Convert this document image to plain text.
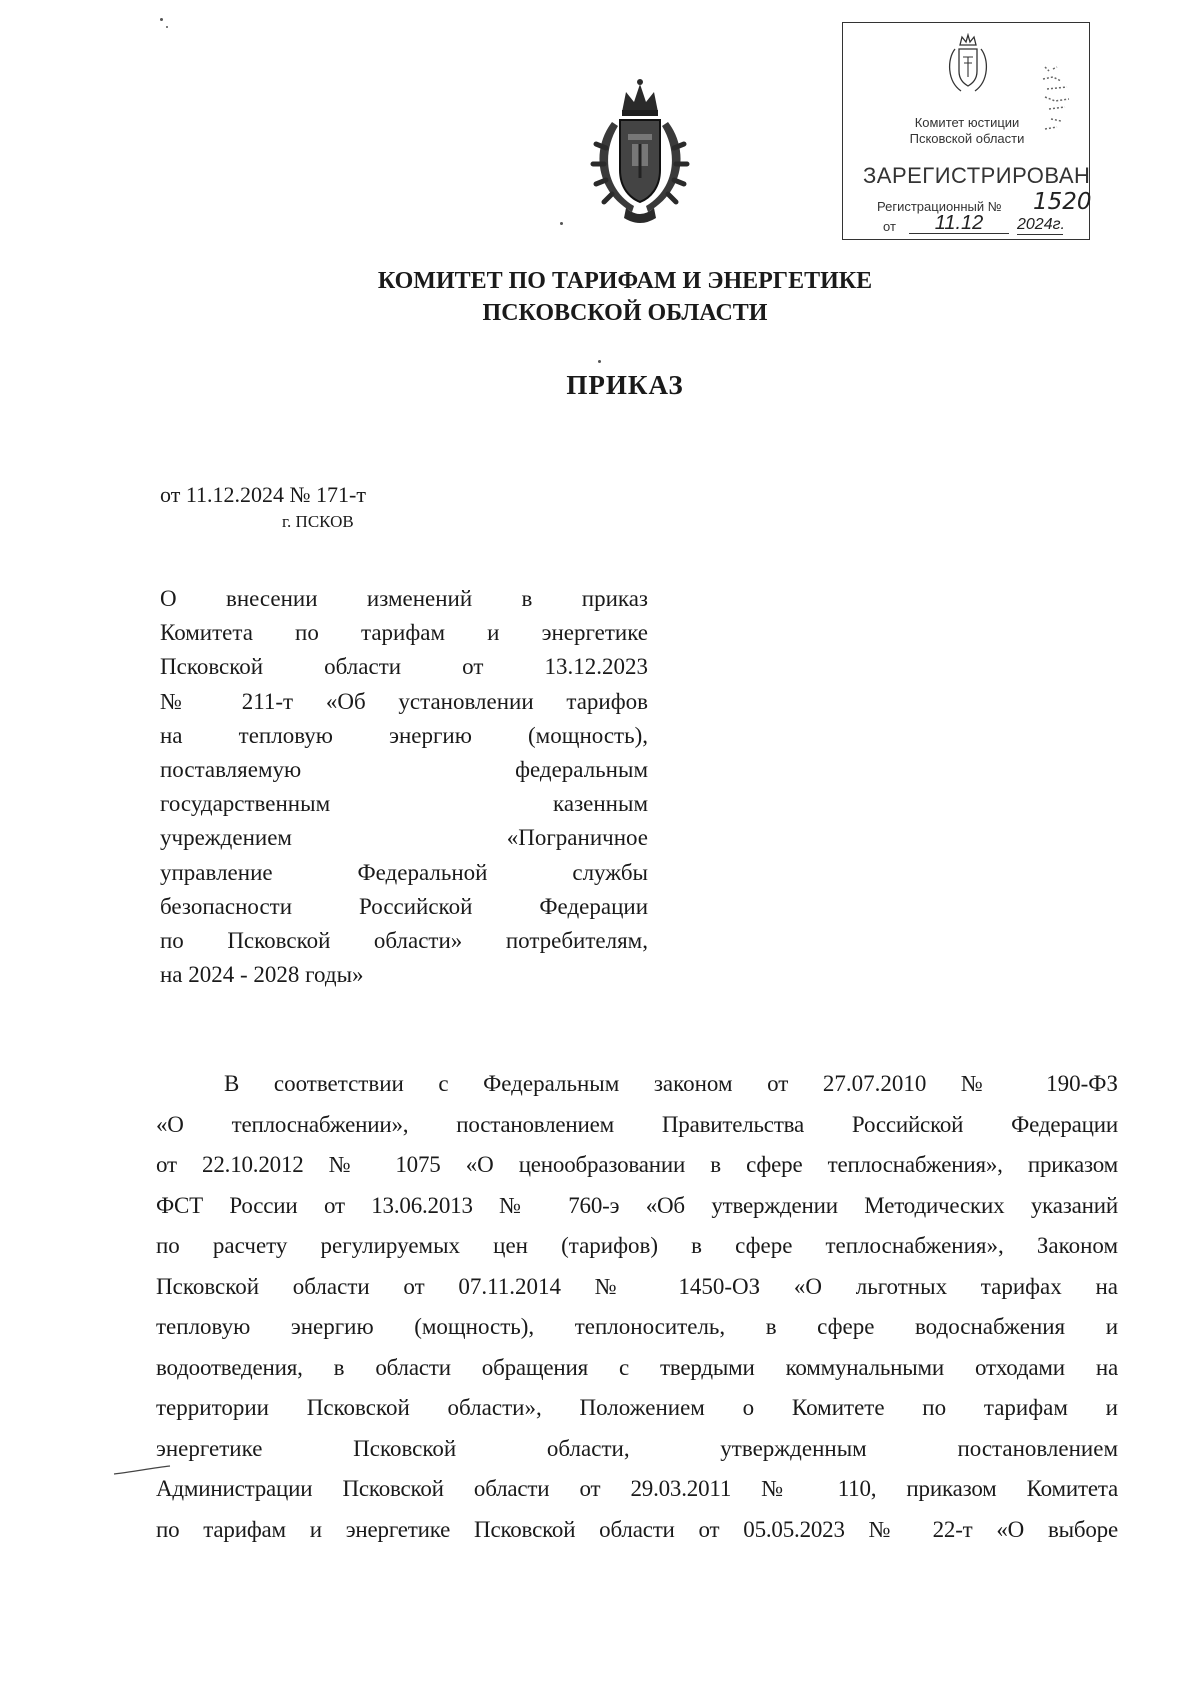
Комитет юстиции
Псковской области
ЗАРЕГИСТРИРОВАН
Регистрационный № 1520
от	11.12	2024г.
КОМИТЕТ ПО ТАРИФАМ И ЭНЕРГЕТИКЕ
ПСКОВСКОЙ ОБЛАСТИ
ПРИКАЗ
от 11.12.2024 № 171-т
г. ПСКОВ
О внесении изменений в приказ
Комитета по тарифам и энергетике
Псковской области от 13.12.2023
№ 211-т «Об установлении тарифов
на тепловую энергию (мощность),
поставляемую федеральным
государственным казенным
учреждением «Пограничное
управление Федеральной службы
безопасности Российской Федерации
по Псковской области» потребителям,
на 2024 - 2028 годы»
В соответствии с Федеральным законом от 27.07.2010 № 190-ФЗ
«О теплоснабжении», постановлением Правительства Российской Федерации
от 22.10.2012 № 1075 «О ценообразовании в сфере теплоснабжения», приказом
ФСТ России от 13.06.2013 № 760-э «Об утверждении Методических указаний
по расчету регулируемых цен (тарифов) в сфере теплоснабжения», Законом
Псковской области от 07.11.2014 № 1450-ОЗ «О льготных тарифах на
тепловую энергию (мощность), теплоноситель, в сфере водоснабжения и
водоотведения, в области обращения с твердыми коммунальными отходами на
территории Псковской области», Положением о Комитете по тарифам и
энергетике Псковской области, утвержденным постановлением
Администрации Псковской области от 29.03.2011 № 110, приказом Комитета
по тарифам и энергетике Псковской области от 05.05.2023 № 22-т «О выборе
